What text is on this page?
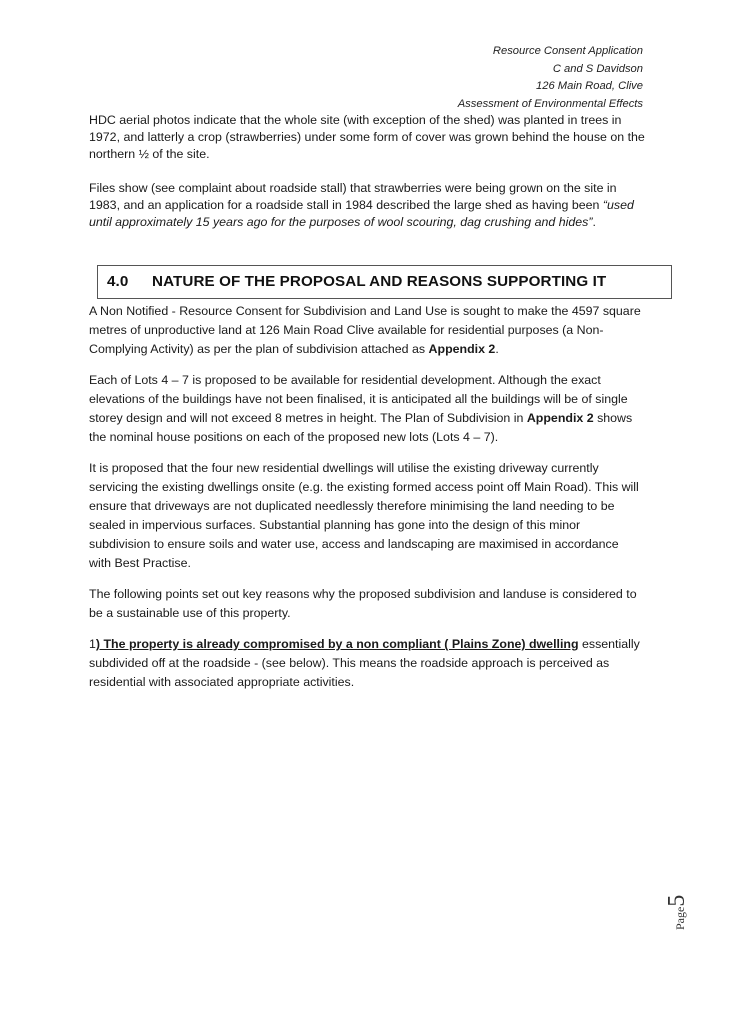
Resource Consent Application
C and S Davidson
126 Main Road, Clive
Assessment of Environmental Effects

HDC aerial photos indicate that the whole site (with exception of the shed) was planted in trees in 1972, and latterly a crop (strawberries) under some form of cover was grown behind the house on the northern ½ of the site.

Files show (see complaint about roadside stall) that strawberries were being grown on the site in 1983, and an application for a roadside stall in 1984 described the large shed as having been “used until approximately 15 years ago for the purposes of wool scouring, dag crushing and hides”.

4.0 NATURE OF THE PROPOSAL AND REASONS SUPPORTING IT

A Non Notified - Resource Consent for Subdivision and Land Use is sought to make the 4597 square metres of unproductive land at 126 Main Road Clive available for residential purposes (a Non-Complying Activity) as per the plan of subdivision attached as Appendix 2.

Each of Lots 4 – 7 is proposed to be available for residential development. Although the exact elevations of the buildings have not been finalised, it is anticipated all the buildings will be of single storey design and will not exceed 8 metres in height. The Plan of Subdivision in Appendix 2 shows the nominal house positions on each of the proposed new lots (Lots 4 – 7).

It is proposed that the four new residential dwellings will utilise the existing driveway currently servicing the existing dwellings onsite (e.g. the existing formed access point off Main Road). This will ensure that driveways are not duplicated needlessly therefore minimising the land needing to be sealed in impervious surfaces. Substantial planning has gone into the design of this minor subdivision to ensure soils and water use, access and landscaping are maximised in accordance with Best Practise.

The following points set out key reasons why the proposed subdivision and landuse is considered to be a sustainable use of this property.

1) The property is already compromised by a non compliant ( Plains Zone) dwelling essentially subdivided off at the roadside - (see below). This means the roadside approach is perceived as residential with associated appropriate activities.

Page5
